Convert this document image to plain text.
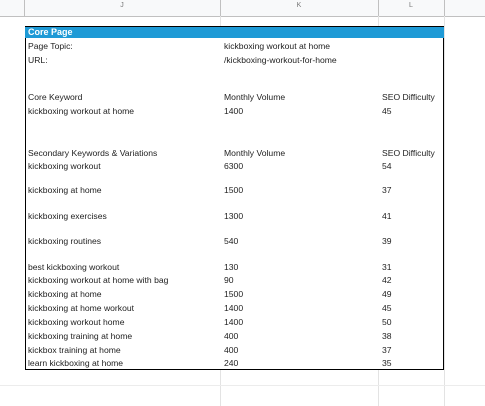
J	K	L
Core Page
Page Topic:	kickboxing workout at home
URL:	/kickboxing-workout-for-home
Core Keyword	Monthly Volume	SEO Difficulty
kickboxing workout at home	1400	45
Secondary Keywords & Variations	Monthly Volume	SEO Difficulty
kickboxing workout	6300	54
kickboxing at home	1500	37
kickboxing exercises	1300	41
kickboxing routines	540	39
best kickboxing workout	130	31
kickboxing workout at home with bag	90	42
kickboxing at home	1500	49
kickboxing at home workout	1400	45
kickboxing workout home	1400	50
kickboxing training at home	400	38
kickbox training at home	400	37
learn kickboxing at home	240	35
